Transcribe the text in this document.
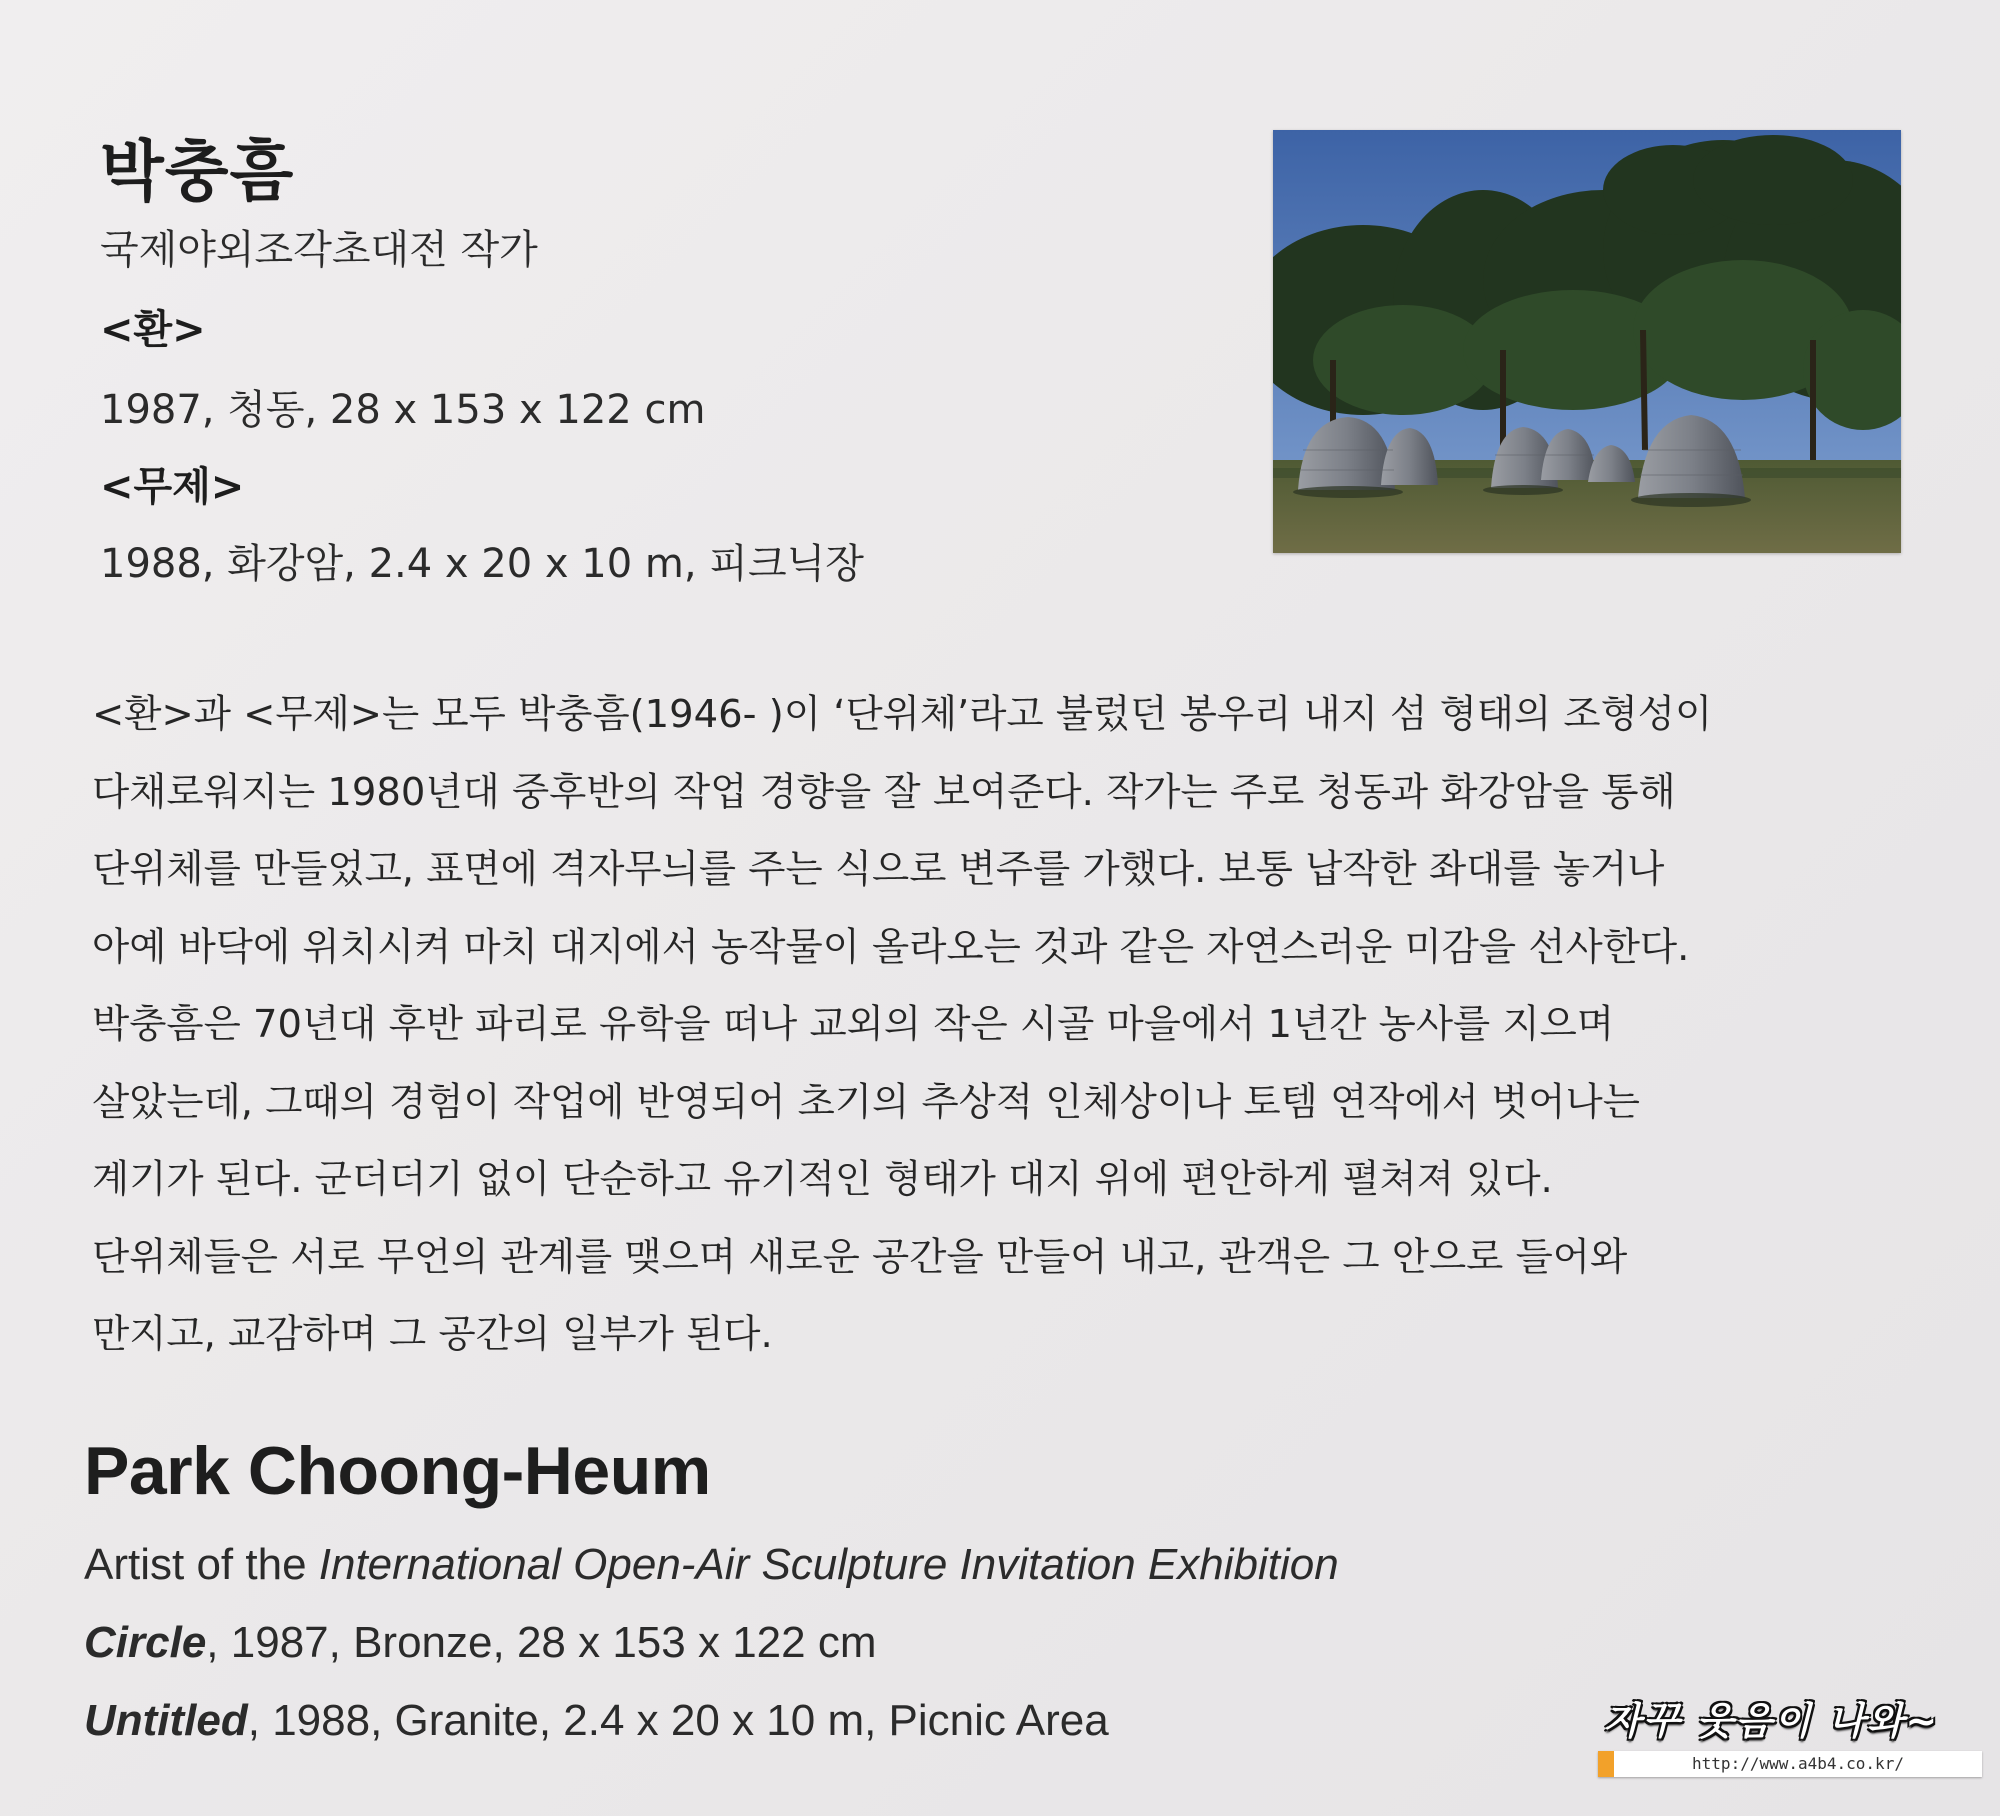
박충흠
국제야외조각초대전 작가
<환>
1987, 청동, 28 x 153 x 122 cm
<무제>
1988, 화강암, 2.4 x 20 x 10 m, 피크닉장

<환>과 <무제>는 모두 박충흠(1946- )이 ‘단위체’라고 불렀던 봉우리 내지 섬 형태의 조형성이

다채로워지는 1980년대 중후반의 작업 경향을 잘 보여준다. 작가는 주로 청동과 화강암을 통해

단위체를 만들었고, 표면에 격자무늬를 주는 식으로 변주를 가했다. 보통 납작한 좌대를 놓거나

아예 바닥에 위치시켜 마치 대지에서 농작물이 올라오는 것과 같은 자연스러운 미감을 선사한다.

박충흠은 70년대 후반 파리로 유학을 떠나 교외의 작은 시골 마을에서 1년간 농사를 지으며

살았는데, 그때의 경험이 작업에 반영되어 초기의 추상적 인체상이나 토템 연작에서 벗어나는

계기가 된다. 군더더기 없이 단순하고 유기적인 형태가 대지 위에 편안하게 펼쳐져 있다.

단위체들은 서로 무언의 관계를 맺으며 새로운 공간을 만들어 내고, 관객은 그 안으로 들어와

만지고, 교감하며 그 공간의 일부가 된다.

Park Choong-Heum
Artist of the International Open-Air Sculpture Invitation Exhibition
Circle, 1987, Bronze, 28 x 153 x 122 cm
Untitled, 1988, Granite, 2.4 x 20 x 10 m, Picnic Area	자꾸 웃음이 나와~
http://www.a4b4.co.kr/
